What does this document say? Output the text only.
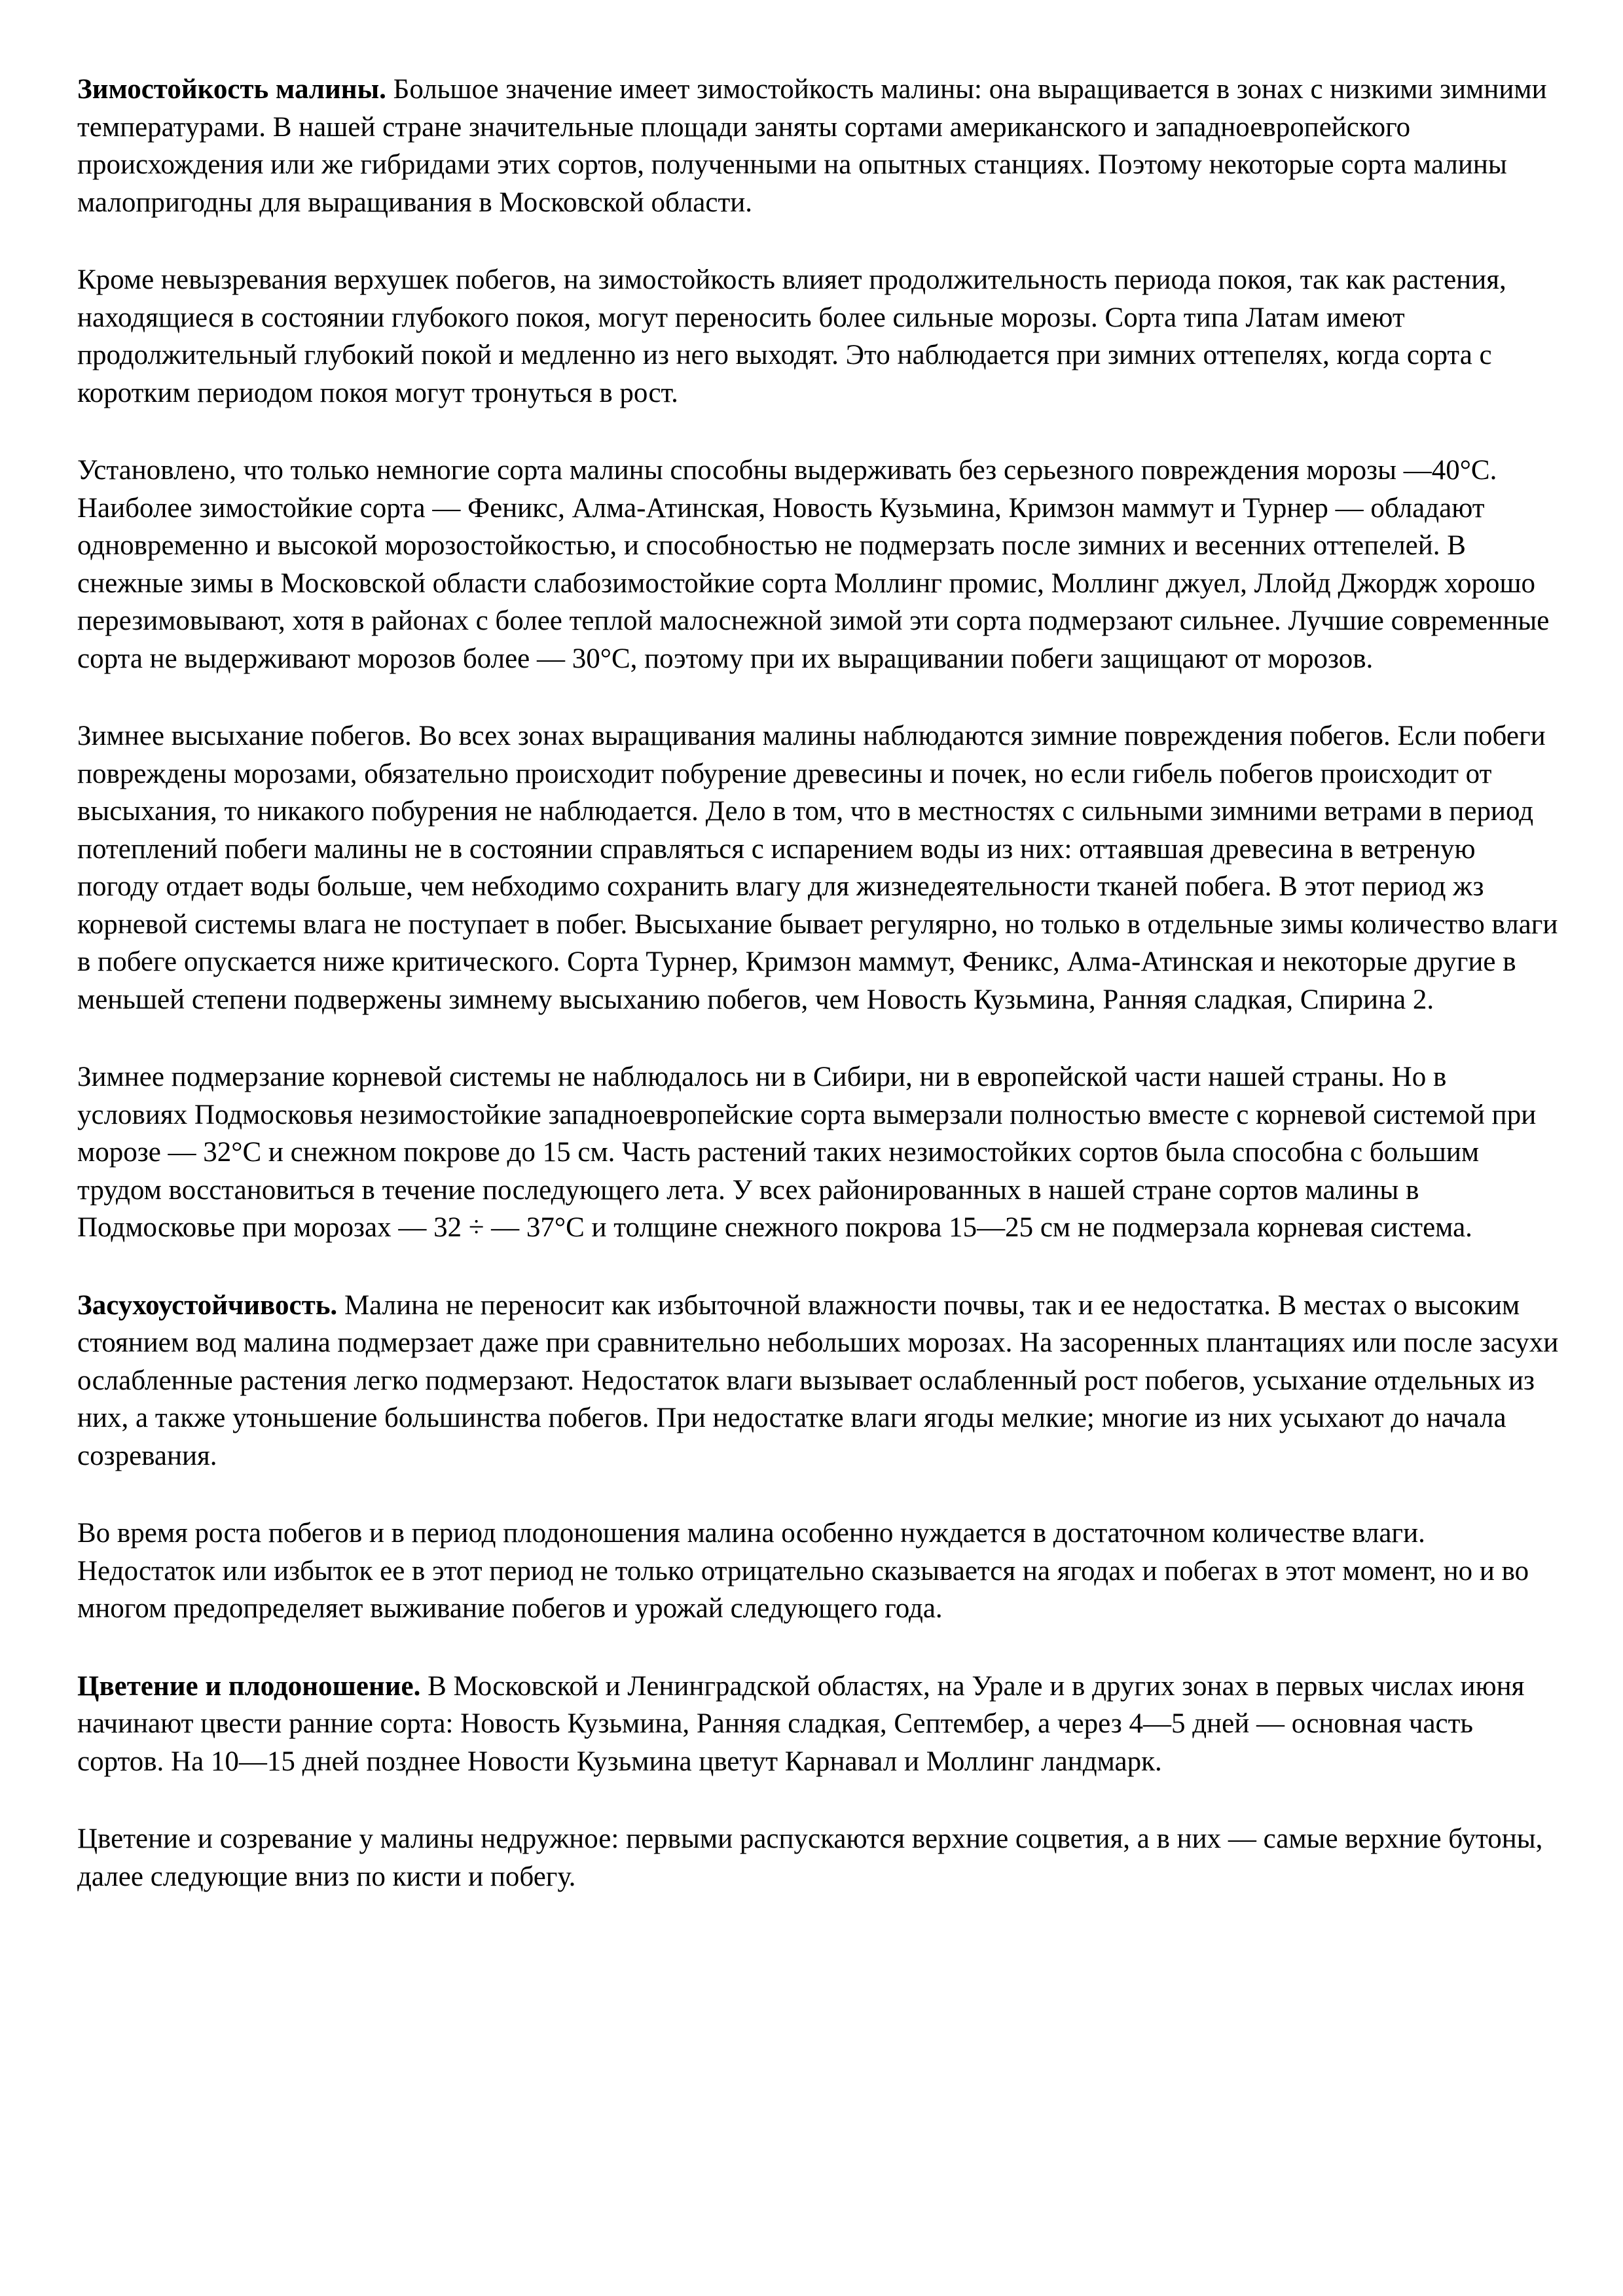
Зимостойкость малины. Большое значение имеет зимостойкость малины: она выращивается в зонах с низкими зимними температурами. В нашей стране значительные площади заняты сортами американского и западноевропейского происхождения или же гибридами этих сортов, полученными на опытных станциях. Поэтому некоторые сорта малины малопригодны для выращивания в Московской области.

Кроме невызревания верхушек побегов, на зимостойкость влияет продолжительность периода покоя, так как растения, находящиеся в состоянии глубокого покоя, могут переносить более сильные морозы. Сорта типа Латам имеют продолжительный глубокий покой и медленно из него выходят. Это наблюдается при зимних оттепелях, когда сорта с коротким периодом покоя могут тронуться в рост.

Установлено, что только немногие сорта малины способны выдерживать без серьезного повреждения морозы —40°С. Наиболее зимостойкие сорта — Феникс, Алма-Атинская, Новость Кузьмина, Кримзон маммут и Турнер — обладают одновременно и высокой морозостойкостью, и способностью не подмерзать после зимних и весенних оттепелей. В снежные зимы в Московской области слабозимостойкие сорта Моллинг промис, Моллинг джуел, Ллойд Джордж хорошо перезимовывают, хотя в районах с более теплой малоснежной зимой эти сорта подмерзают сильнее. Лучшие современные сорта не выдерживают морозов более — 30°С, поэтому при их выращивании побеги защищают от морозов.

Зимнее высыхание побегов. Во всех зонах выращивания малины наблюдаются зимние повреждения побегов. Если побеги повреждены морозами, обязательно происходит побурение древесины и почек, но если гибель побегов происходит от высыхания, то никакого побурения не наблюдается. Дело в том, что в местностях с сильными зимними ветрами в период потеплений побеги малины не в состоянии справляться с испарением воды из них: оттаявшая древесина в ветреную погоду отдает воды больше, чем небходимо сохранить влагу для жизнедеятельности тканей побега. В этот период жз корневой системы влага не поступает в побег. Высыхание бывает регулярно, но только в отдельные зимы количество влаги в побеге опускается ниже критического. Сорта Турнер, Кримзон маммут, Феникс, Алма-Атинская и некоторые другие в меньшей степени подвержены зимнему высыханию побегов, чем Новость Кузьмина, Ранняя сладкая, Спирина 2.

Зимнее подмерзание корневой системы не наблюдалось ни в Сибири, ни в европейской части нашей страны. Но в условиях Подмосковья незимостойкие западноевропейские сорта вымерзали полностью вместе с корневой системой при морозе — 32°С и снежном покрове до 15 см. Часть растений таких незимостойких сортов была способна с большим трудом восстановиться в течение последующего лета. У всех районированных в нашей стране сортов малины в Подмосковье при морозах — 32 ÷ — 37°С и толщине снежного покрова 15—25 см не подмерзала корневая система.

Засухоустойчивость. Малина не переносит как избыточной влажности почвы, так и ее недостатка. В местах о высоким стоянием вод малина подмерзает даже при сравнительно небольших морозах. На засоренных плантациях или после засухи ослабленные растения легко подмерзают. Недостаток влаги вызывает ослабленный рост побегов, усыхание отдельных из них, а также утоньшение большинства побегов. При недостатке влаги ягоды мелкие; многие из них усыхают до начала созревания.

Во время роста побегов и в период плодоношения малина особенно нуждается в достаточном количестве влаги. Недостаток или избыток ее в этот период не только отрицательно сказывается на ягодах и побегах в этот момент, но и во многом предопределяет выживание побегов и урожай следующего года.

Цветение и плодоношение. В Московской и Ленинградской областях, на Урале и в других зонах в первых числах июня начинают цвести ранние сорта: Новость Кузьмина, Ранняя сладкая, Септембер, а через 4—5 дней — основная часть сортов. На 10—15 дней позднее Новости Кузьмина цветут Карнавал и Моллинг ландмарк.

Цветение и созревание у малины недружное: первыми распускаются верхние соцветия, а в них — самые верхние бутоны, далее следующие вниз по кисти и побегу.
